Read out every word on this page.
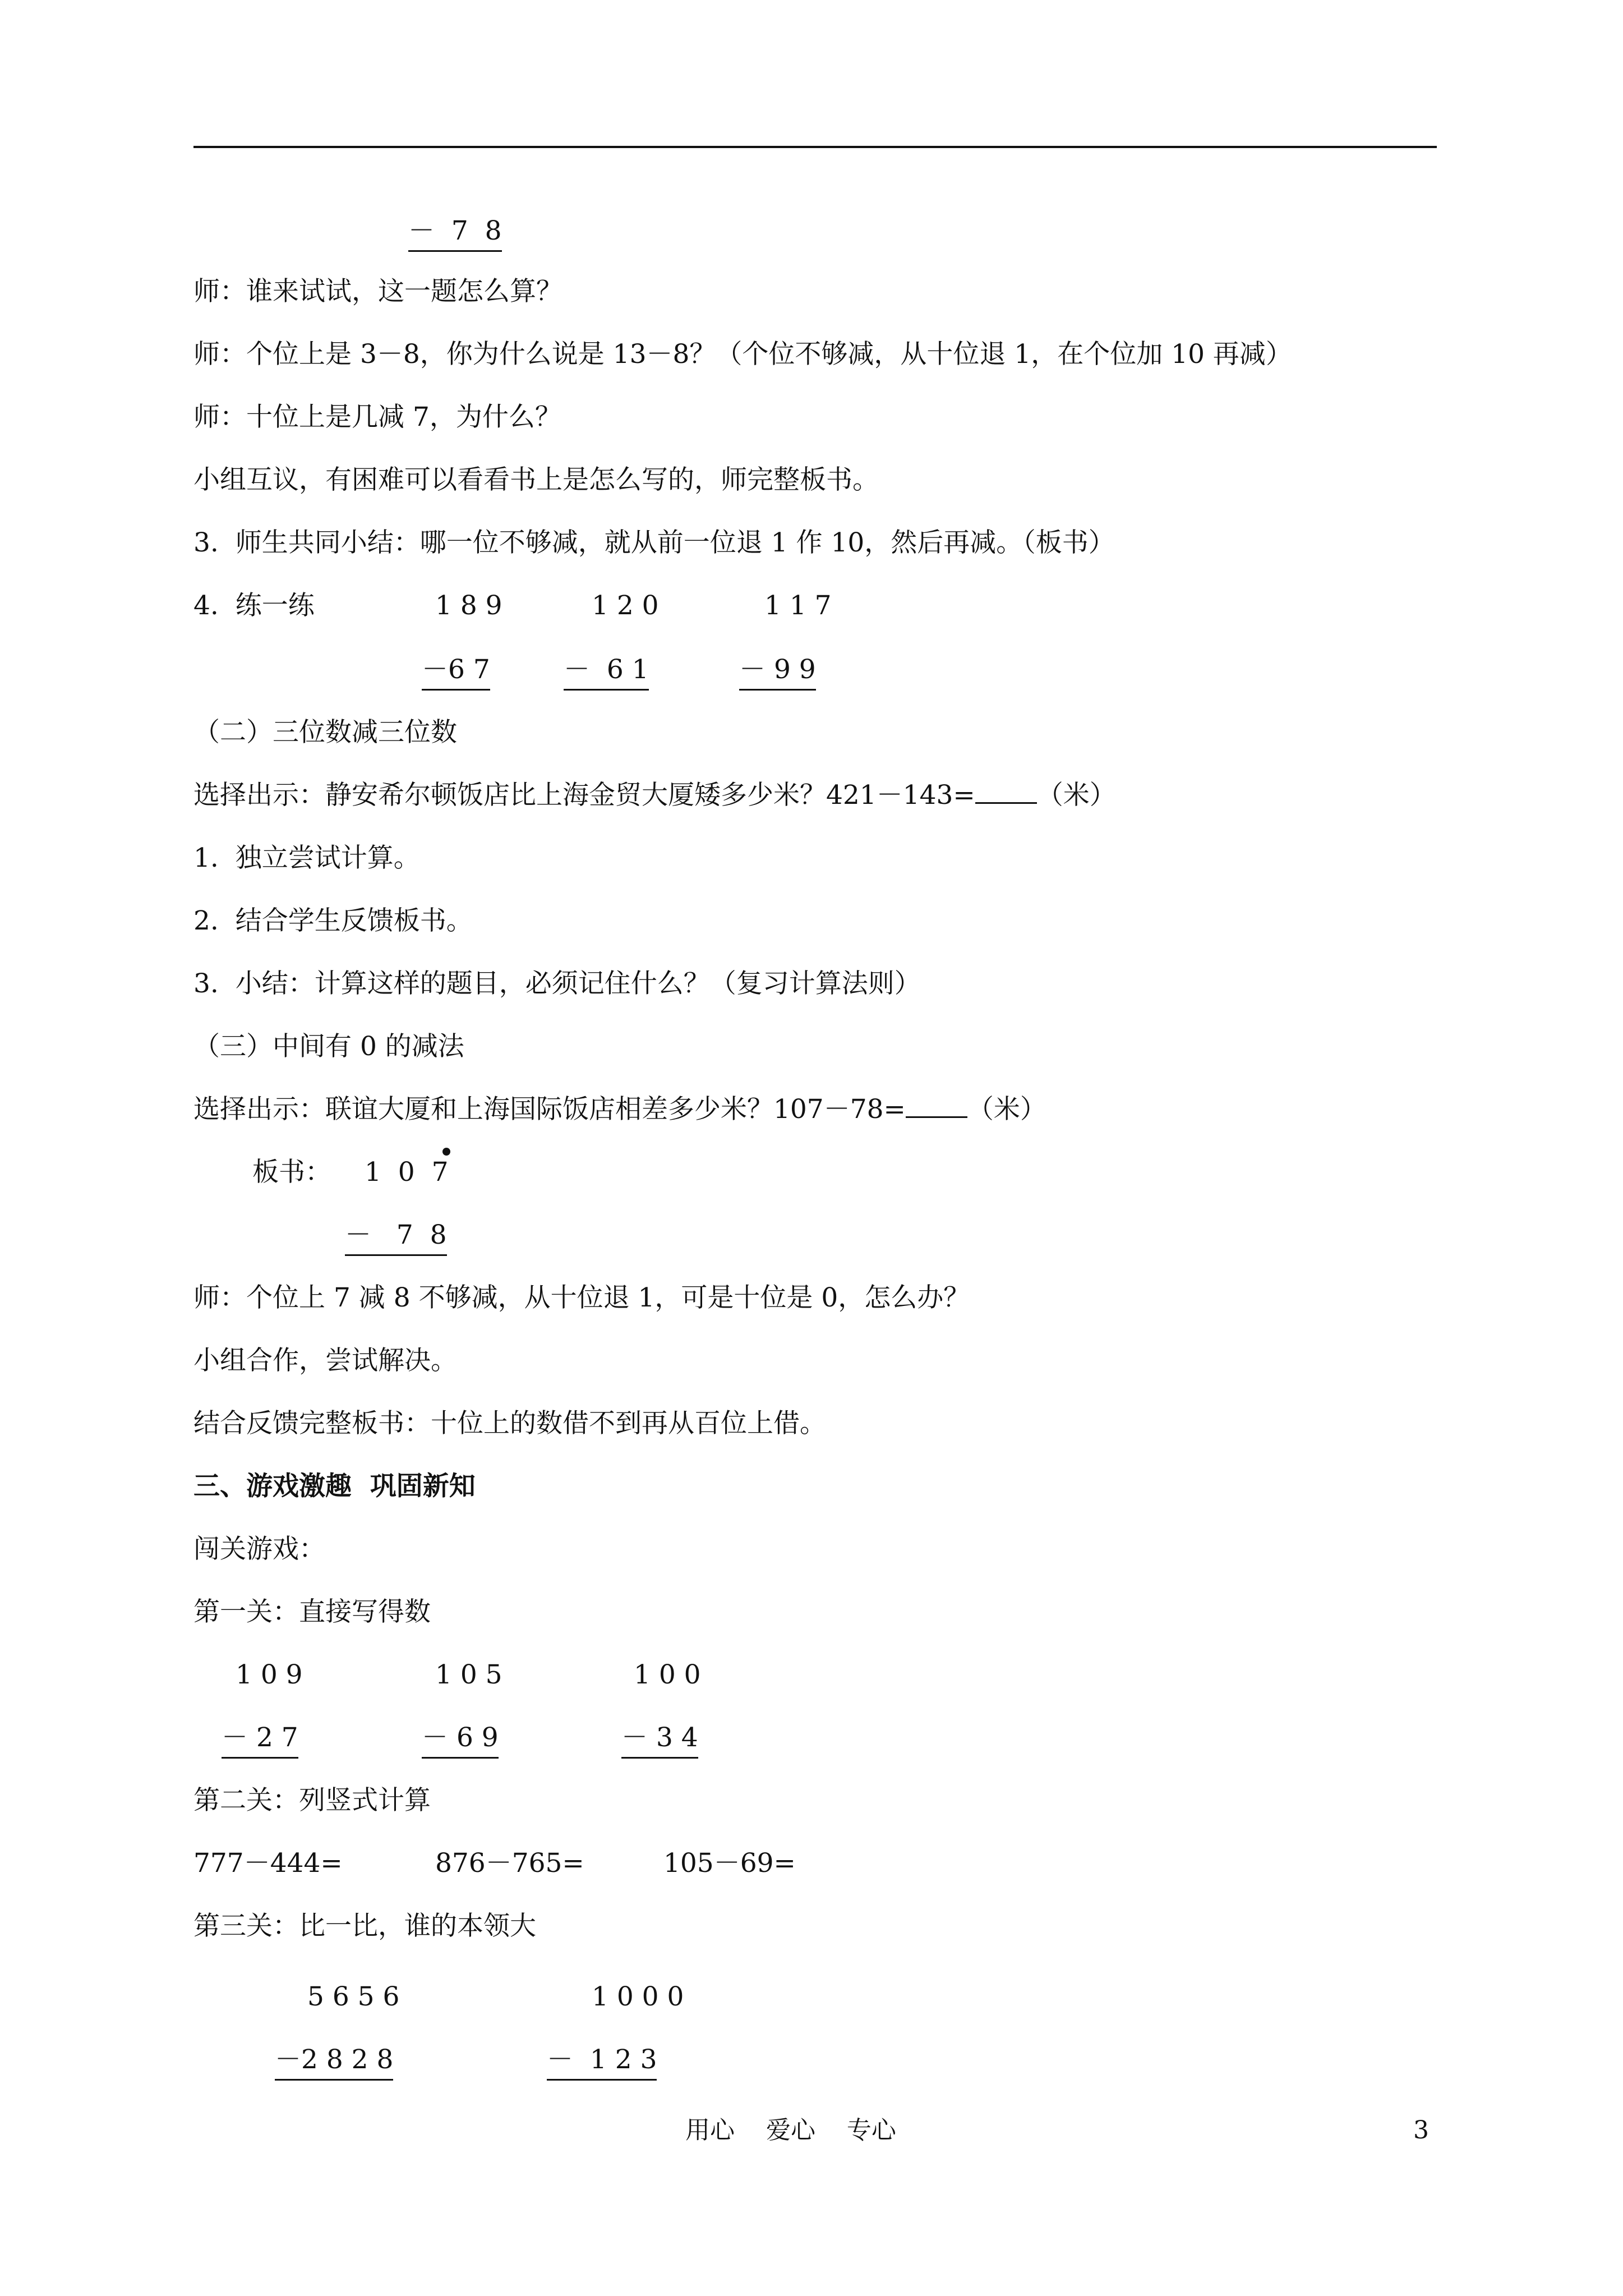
－  7  8
师：谁来试试，这一题怎么算？
师：个位上是 3－8，你为什么说是 13－8？（个位不够减，从十位退 1，在个位加 10 再减）
师：十位上是几减 7，为什么？
小组互议，有困难可以看看书上是怎么写的，师完整板书。
3.  师生共同小结：哪一位不够减，就从前一位退 1 作 10，然后再减。（板书）
4.  练一练	1 8 9	1 2 0	1 1 7
－6 7	－  6 1	－ 9 9
（二）三位数减三位数
选择出示：静安希尔顿饭店比上海金贸大厦矮多少米？421－143= （米）
1.  独立尝试计算。
2.  结合学生反馈板书。
3.  小结：计算这样的题目，必须记住什么？（复习计算法则）
（三）中间有 0 的减法
选择出示：联谊大厦和上海国际饭店相差多少米？107－78= （米）
板书： 1  0  7
－   7  8
师：个位上 7 减 8 不够减，从十位退 1，可是十位是 0，怎么办？
小组合作，尝试解决。
结合反馈完整板书：十位上的数借不到再从百位上借。
三、游戏激趣  巩固新知
闯关游戏：
第一关：直接写得数
1 0 9	1 0 5	1 0 0
－ 2 7	－ 6 9	－ 3 4
第二关：列竖式计算
777－444=	876－765=	105－69=
第三关：比一比，谁的本领大
5 6 5 6	1 0 0 0
－2 8 2 8	－  1 2 3
用心    爱心    专心	3
